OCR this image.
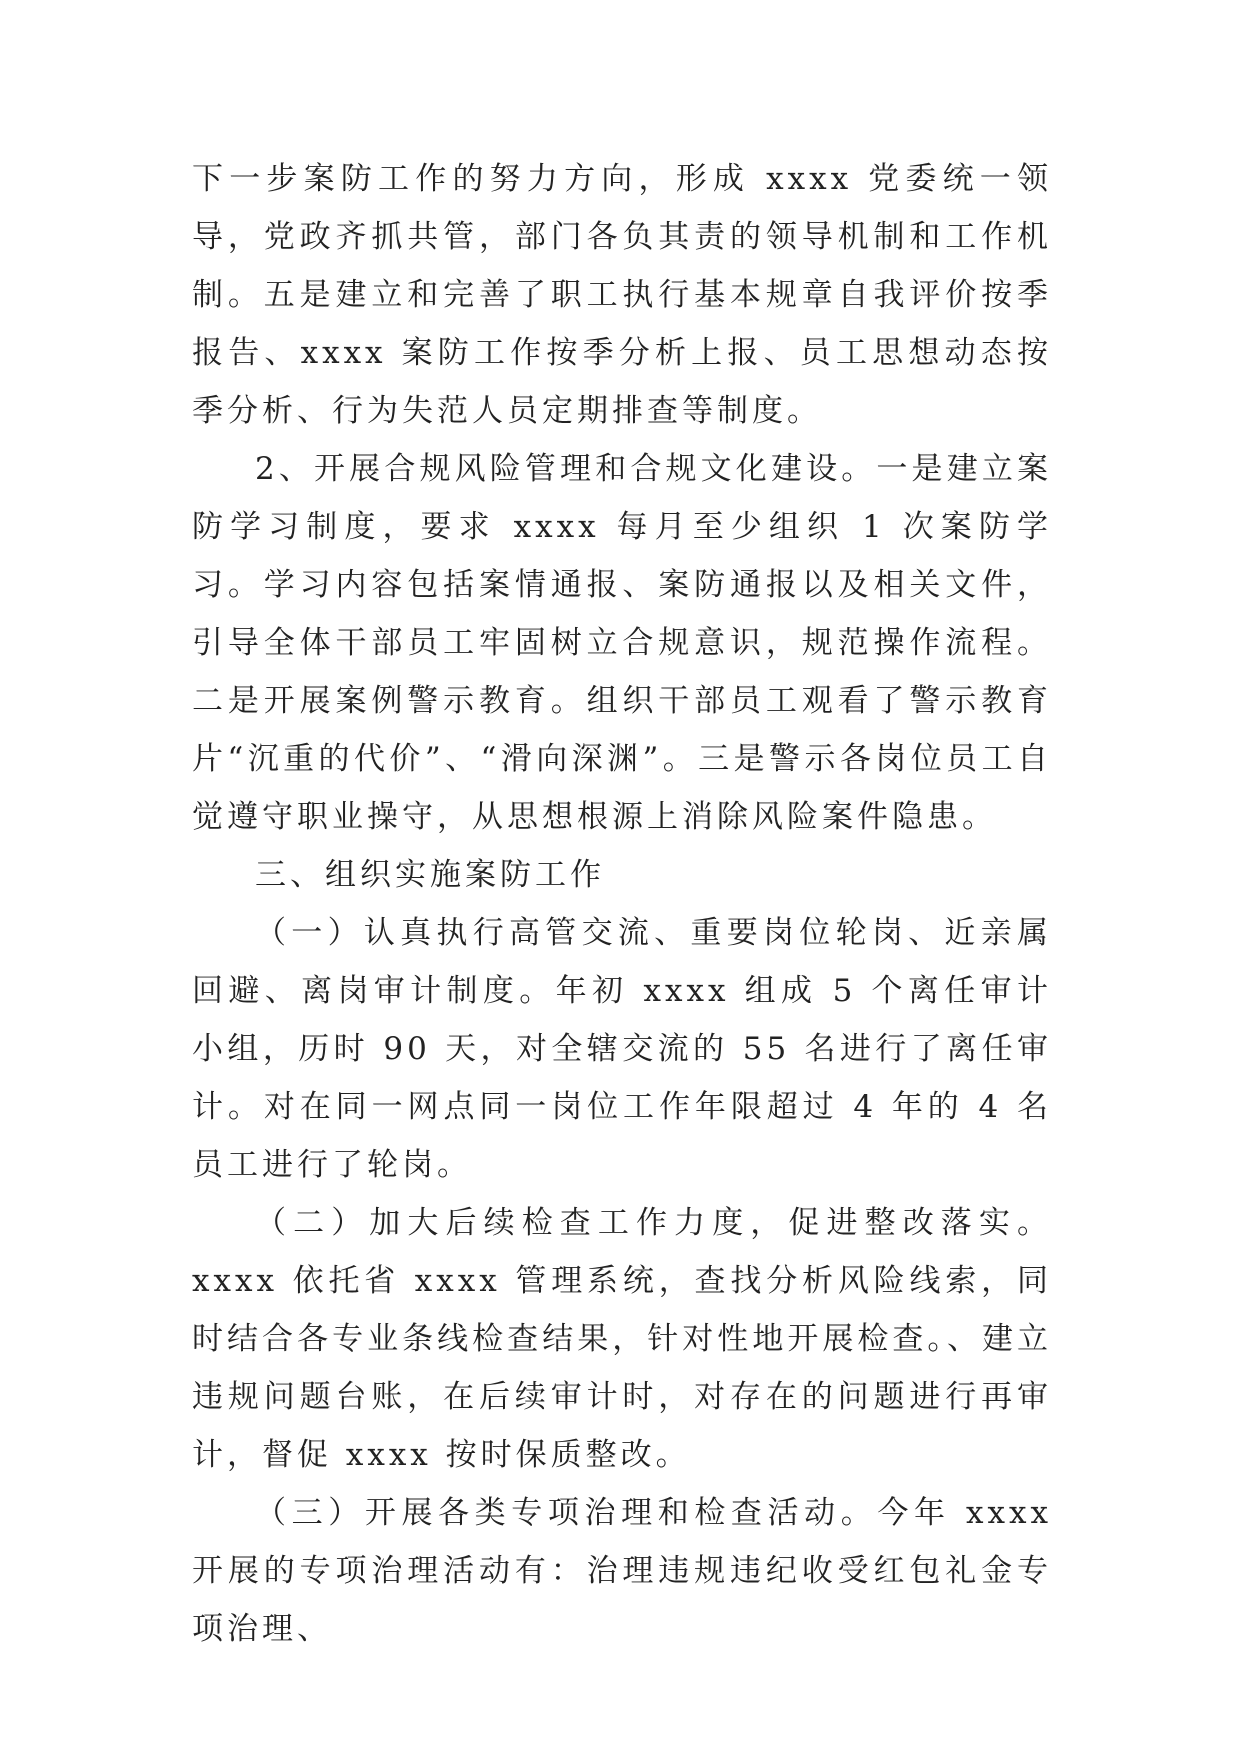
下一步案防工作的努力方向，形成 xxxx 党委统一领导，党政齐抓共管，部门各负其责的领导机制和工作机制。五是建立和完善了职工执行基本规章自我评价按季报告、xxxx 案防工作按季分析上报、员工思想动态按季分析、行为失范人员定期排查等制度。

2、开展合规风险管理和合规文化建设。一是建立案防学习制度，要求 xxxx 每月至少组织 1 次案防学习。学习内容包括案情通报、案防通报以及相关文件，引导全体干部员工牢固树立合规意识，规范操作流程。二是开展案例警示教育。组织干部员工观看了警示教育片“沉重的代价”、“滑向深渊”。三是警示各岗位员工自觉遵守职业操守，从思想根源上消除风险案件隐患。

三、组织实施案防工作

（一）认真执行高管交流、重要岗位轮岗、近亲属回避、离岗审计制度。年初 xxxx 组成 5 个离任审计小组，历时 90 天，对全辖交流的 55 名进行了离任审计。对在同一网点同一岗位工作年限超过 4 年的 4 名员工进行了轮岗。

（二）加大后续检查工作力度，促进整改落实。xxxx 依托省 xxxx 管理系统，查找分析风险线索，同时结合各专业条线检查结果，针对性地开展检查。、建立违规问题台账，在后续审计时，对存在的问题进行再审计，督促 xxxx 按时保质整改。

（三）开展各类专项治理和检查活动。今年 xxxx 开展的专项治理活动有：治理违规违纪收受红包礼金专项治理、
